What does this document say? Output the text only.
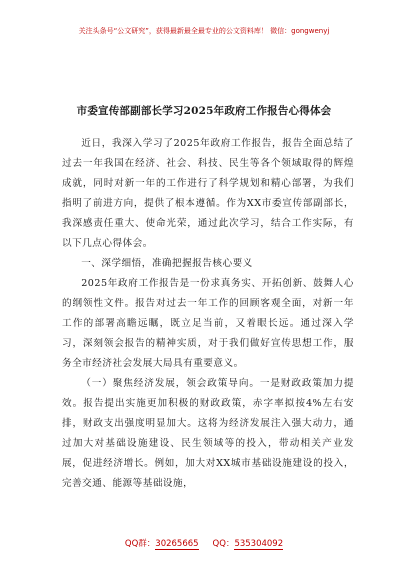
关注头条号“公文研究”，获得最新最全最专业的公文资料库！ 微信：gongwenyj
市委宣传部副部长学习2025年政府工作报告心得体会

近日，我深入学习了2025年政府工作报告，报告全面总结了过去一年我国在经济、社会、科技、民生等各个领域取得的辉煌成就，同时对新一年的工作进行了科学规划和精心部署，为我们指明了前进方向，提供了根本遵循。作为XX市委宣传部副部长，我深感责任重大、使命光荣，通过此次学习，结合工作实际，有以下几点心得体会。

一、深学细悟，准确把握报告核心要义

2025年政府工作报告是一份求真务实、开拓创新、鼓舞人心的纲领性文件。报告对过去一年工作的回顾客观全面，对新一年工作的部署高瞻远瞩，既立足当前，又着眼长远。通过深入学习，深刻领会报告的精神实质，对于我们做好宣传思想工作，服务全市经济社会发展大局具有重要意义。

（一）聚焦经济发展，领会政策导向。一是财政政策加力提效。报告提出实施更加积极的财政政策，赤字率拟按4%左右安排，财政支出强度明显加大。这将为经济发展注入强大动力，通过加大对基础设施建设、民生领域等的投入，带动相关产业发展，促进经济增长。例如，加大对XX城市基础设施建设的投入，完善交通、能源等基础设施，

QQ群：30265665 QQ：535304092
